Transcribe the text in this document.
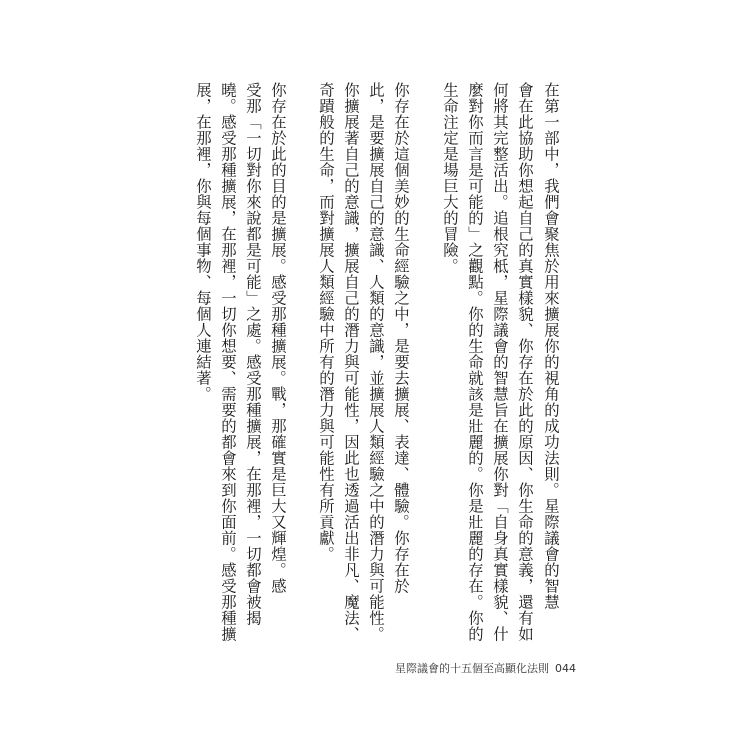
在第一部中，我們會聚焦於用來擴展你的視角的成功法則。星際議會的智慧
會在此協助你想起自己的真實樣貌、你存在於此的原因、你生命的意義，還有如
何將其完整活出。追根究柢，星際議會的智慧旨在擴展你對「自身真實樣貌、什
麼對你而言是可能的」之觀點。你的生命就該是壯麗的。你是壯麗的存在。你的
生命注定是場巨大的冒險。
你存在於這個美妙的生命經驗之中，是要去擴展、表達、體驗。你存在於
此，是要擴展自己的意識、人類的意識，並擴展人類經驗之中的潛力與可能性。
你擴展著自己的意識，擴展自己的潛力與可能性，因此也透過活出非凡、魔法、
奇蹟般的生命，而對擴展人類經驗中所有的潛力與可能性有所貢獻。
你存在於此的目的是擴展。感受那種擴展。戰，那確實是巨大又輝煌。感
受那「一切對你來說都是可能」之處。感受那種擴展，在那裡，一切都會被揭
曉。感受那種擴展，在那裡，一切你想要、需要的都會來到你面前。感受那種擴
展，在那裡，你與每個事物、每個人連結著。
星際議會的十五個至高顯化法則 044
